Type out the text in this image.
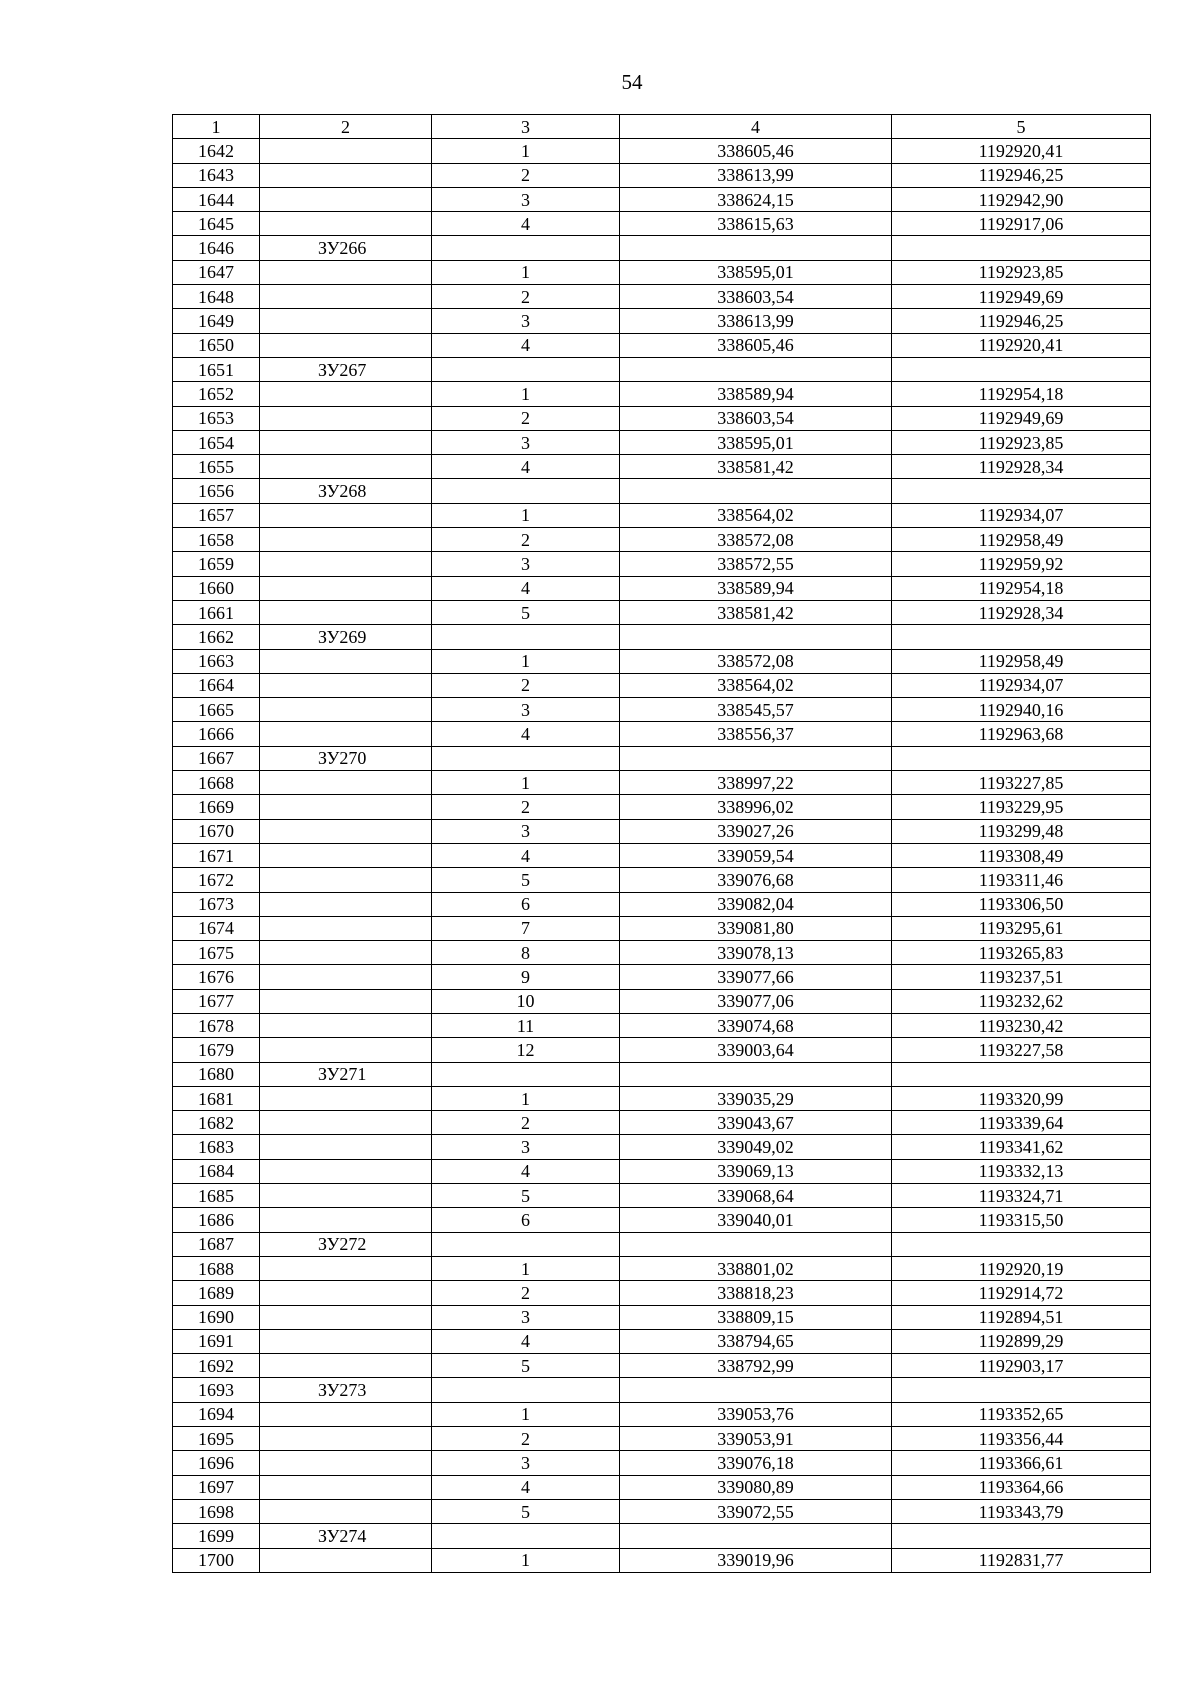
54
1	2	3	4	5
1642		1	338605,46	1192920,41
1643		2	338613,99	1192946,25
1644		3	338624,15	1192942,90
1645		4	338615,63	1192917,06
1646	ЗУ266			
1647		1	338595,01	1192923,85
1648		2	338603,54	1192949,69
1649		3	338613,99	1192946,25
1650		4	338605,46	1192920,41
1651	ЗУ267			
1652		1	338589,94	1192954,18
1653		2	338603,54	1192949,69
1654		3	338595,01	1192923,85
1655		4	338581,42	1192928,34
1656	ЗУ268			
1657		1	338564,02	1192934,07
1658		2	338572,08	1192958,49
1659		3	338572,55	1192959,92
1660		4	338589,94	1192954,18
1661		5	338581,42	1192928,34
1662	ЗУ269			
1663		1	338572,08	1192958,49
1664		2	338564,02	1192934,07
1665		3	338545,57	1192940,16
1666		4	338556,37	1192963,68
1667	ЗУ270			
1668		1	338997,22	1193227,85
1669		2	338996,02	1193229,95
1670		3	339027,26	1193299,48
1671		4	339059,54	1193308,49
1672		5	339076,68	1193311,46
1673		6	339082,04	1193306,50
1674		7	339081,80	1193295,61
1675		8	339078,13	1193265,83
1676		9	339077,66	1193237,51
1677		10	339077,06	1193232,62
1678		11	339074,68	1193230,42
1679		12	339003,64	1193227,58
1680	ЗУ271			
1681		1	339035,29	1193320,99
1682		2	339043,67	1193339,64
1683		3	339049,02	1193341,62
1684		4	339069,13	1193332,13
1685		5	339068,64	1193324,71
1686		6	339040,01	1193315,50
1687	ЗУ272			
1688		1	338801,02	1192920,19
1689		2	338818,23	1192914,72
1690		3	338809,15	1192894,51
1691		4	338794,65	1192899,29
1692		5	338792,99	1192903,17
1693	ЗУ273			
1694		1	339053,76	1193352,65
1695		2	339053,91	1193356,44
1696		3	339076,18	1193366,61
1697		4	339080,89	1193364,66
1698		5	339072,55	1193343,79
1699	ЗУ274			
1700		1	339019,96	1192831,77
